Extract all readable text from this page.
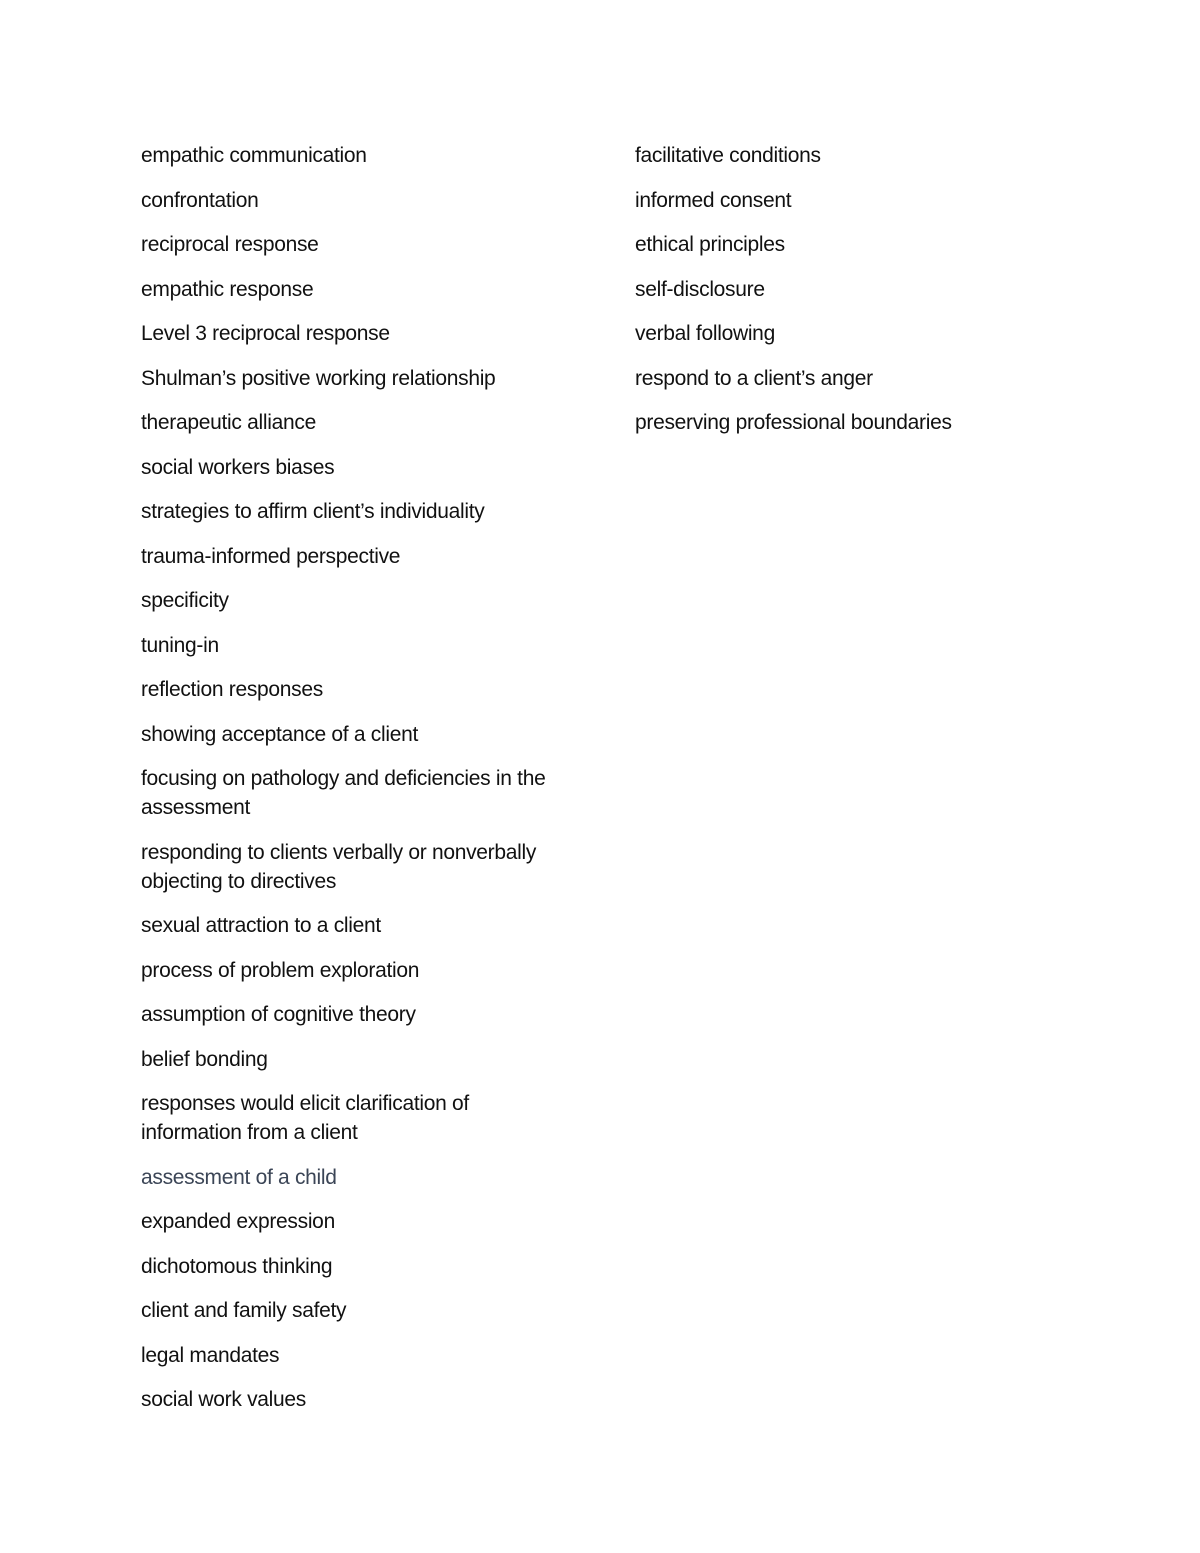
empathic communication
confrontation
reciprocal response
empathic response
Level 3 reciprocal response
Shulman’s positive working relationship
therapeutic alliance
social workers biases
strategies to affirm client’s individuality
trauma-informed perspective
specificity
tuning-in
reflection responses
showing acceptance of a client
focusing on pathology and deficiencies in the assessment
responding to clients verbally or nonverbally objecting to directives
sexual attraction to a client
process of problem exploration
assumption of cognitive theory
belief bonding
responses would elicit clarification of information from a client
assessment of a child
expanded expression
dichotomous thinking
client and family safety
legal mandates
social work values
facilitative conditions
informed consent
ethical principles
self-disclosure
verbal following
respond to a client’s anger
preserving professional boundaries
